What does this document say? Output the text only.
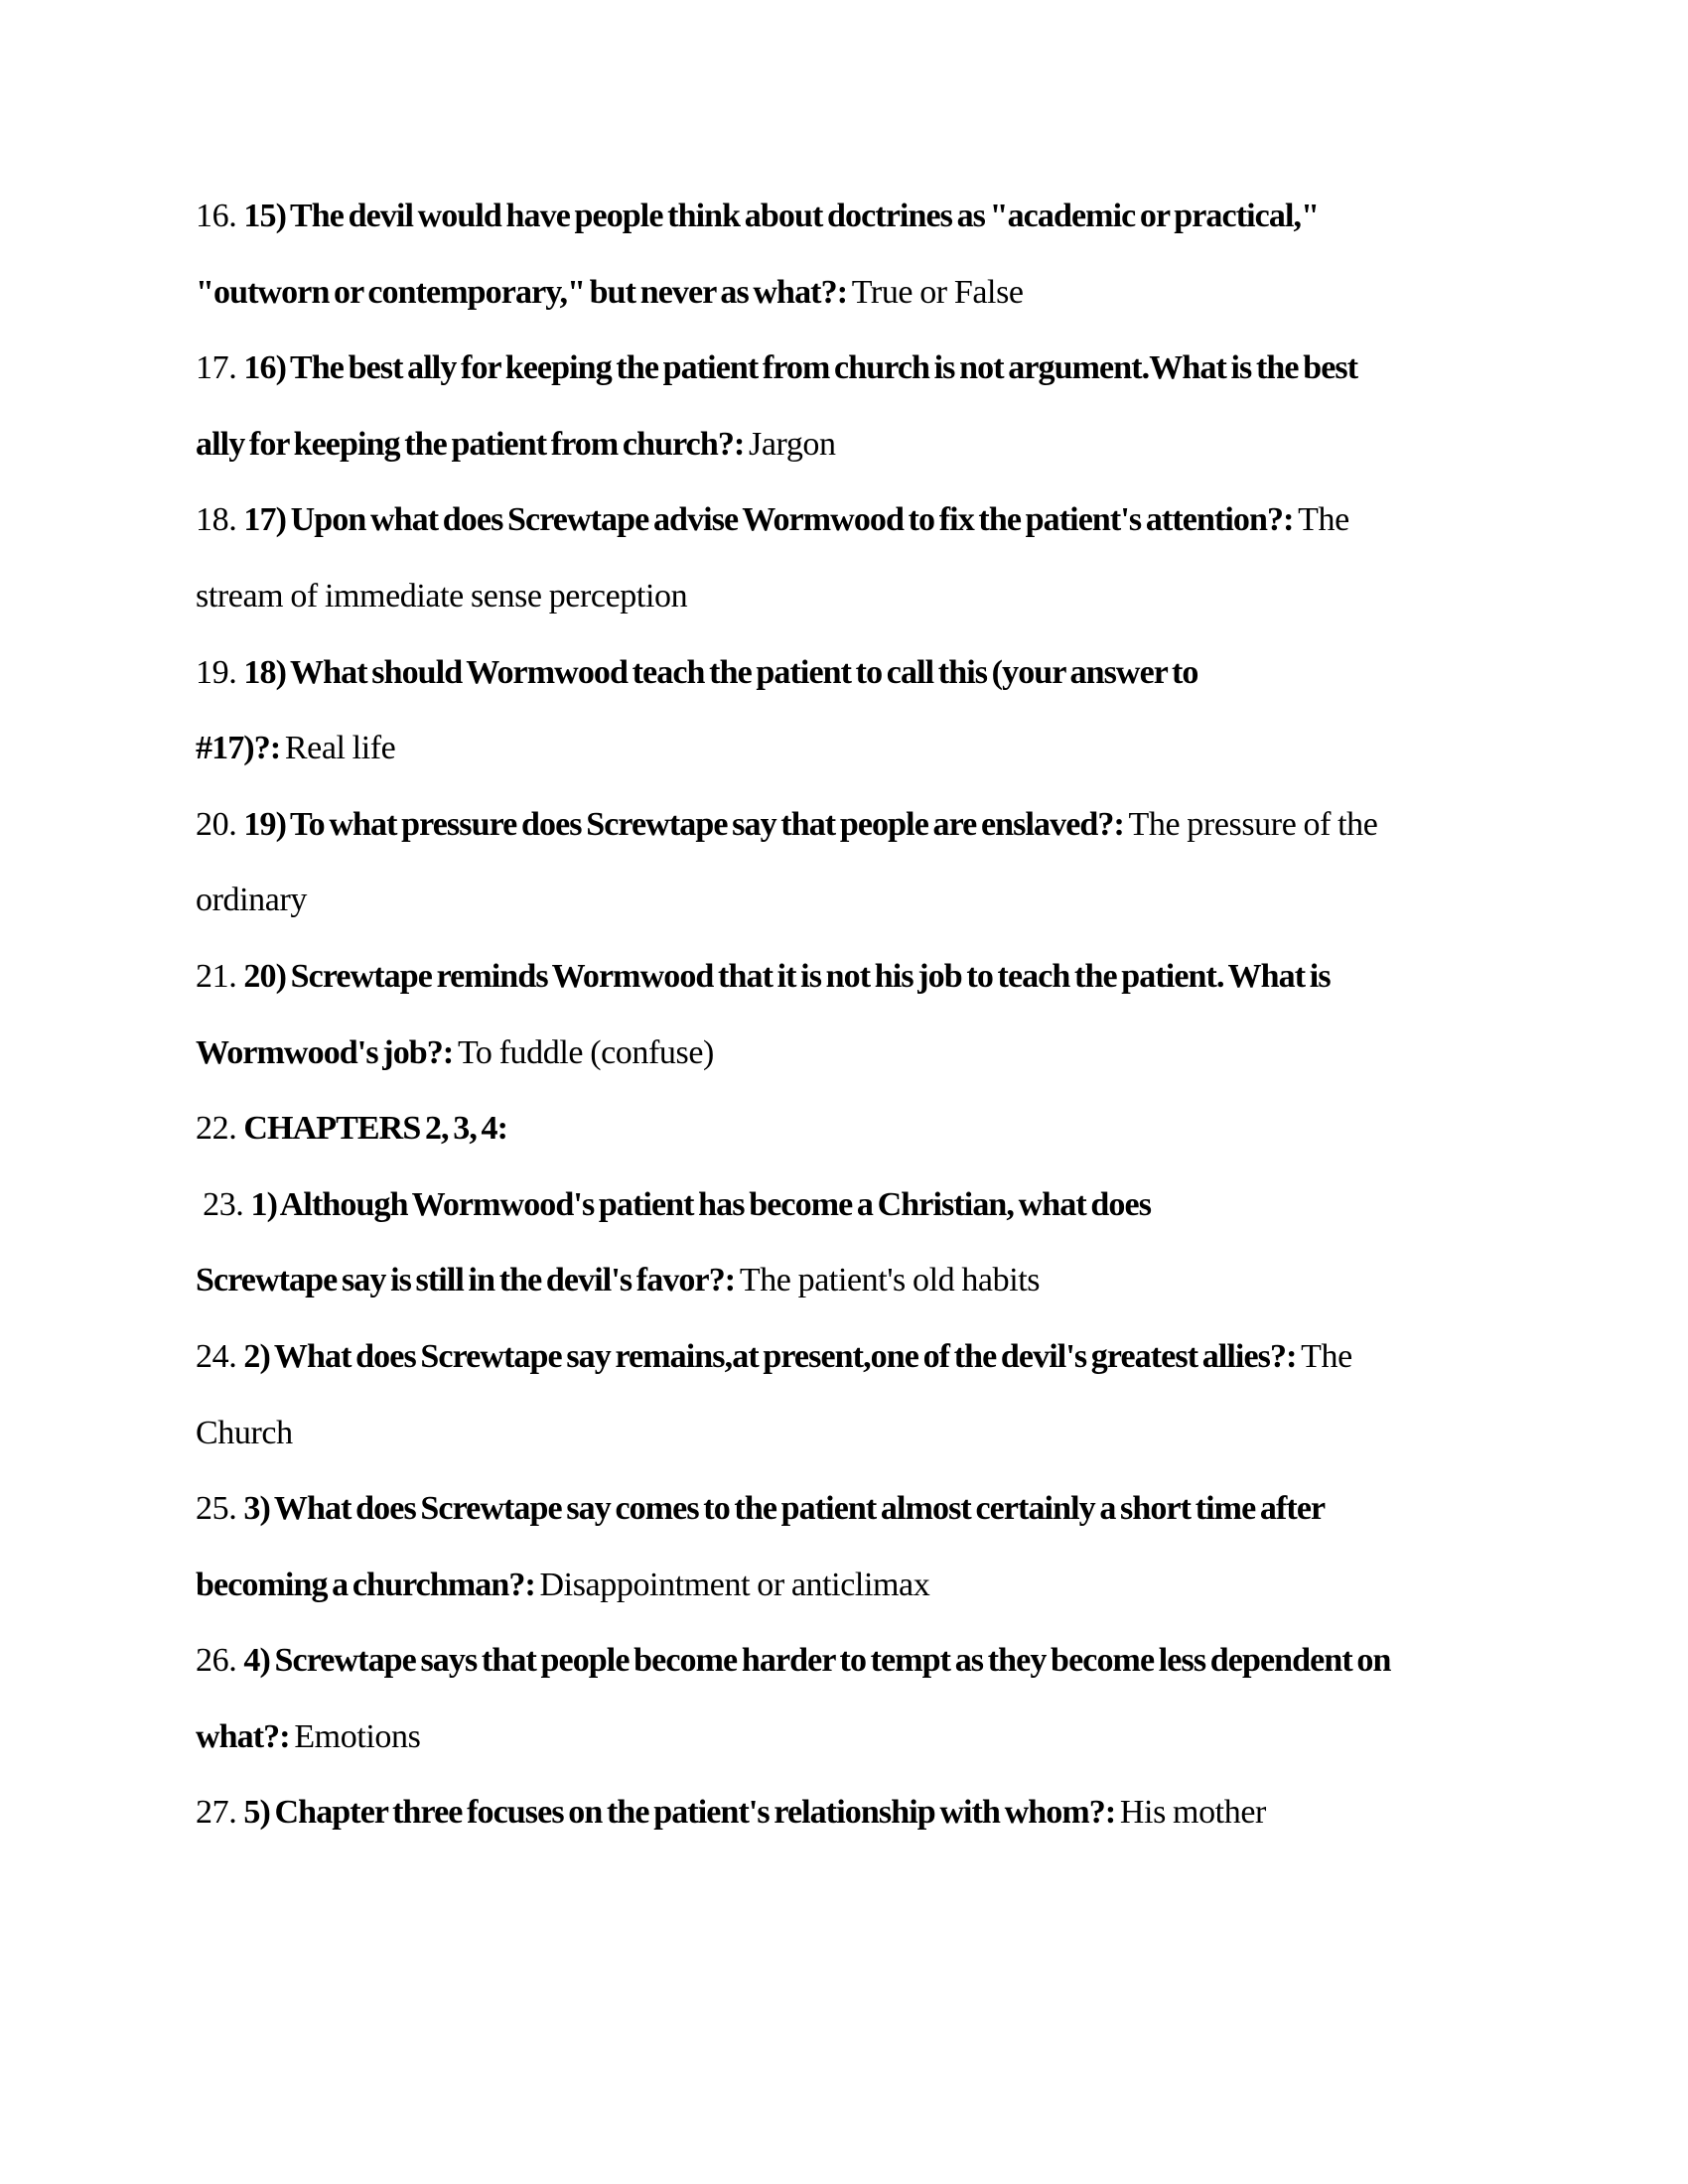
16. 15) The devil would have people think about doctrines as "academic or practical,"
"outworn or contemporary," but never as what?: True or False
17. 16) The best ally for keeping the patient from church is not argument.What is the best
ally for keeping the patient from church?: Jargon
18. 17) Upon what does Screwtape advise Wormwood to fix the patient's attention?: The
stream of immediate sense perception
19. 18) What should Wormwood teach the patient to call this (your answer to
#17)?: Real life
20. 19) To what pressure does Screwtape say that people are enslaved?: The pressure of the
ordinary
21. 20) Screwtape reminds Wormwood that it is not his job to teach the patient. What is
Wormwood's job?: To fuddle (confuse)
22. CHAPTERS 2, 3, 4:
23. 1) Although Wormwood's patient has become a Christian, what does
Screwtape say is still in the devil's favor?: The patient's old habits
24. 2) What does Screwtape say remains,at present,one of the devil's greatest allies?: The
Church
25. 3) What does Screwtape say comes to the patient almost certainly a short time after
becoming a churchman?: Disappointment or anticlimax
26. 4) Screwtape says that people become harder to tempt as they become less dependent on
what?: Emotions
27. 5) Chapter three focuses on the patient's relationship with whom?: His mother
